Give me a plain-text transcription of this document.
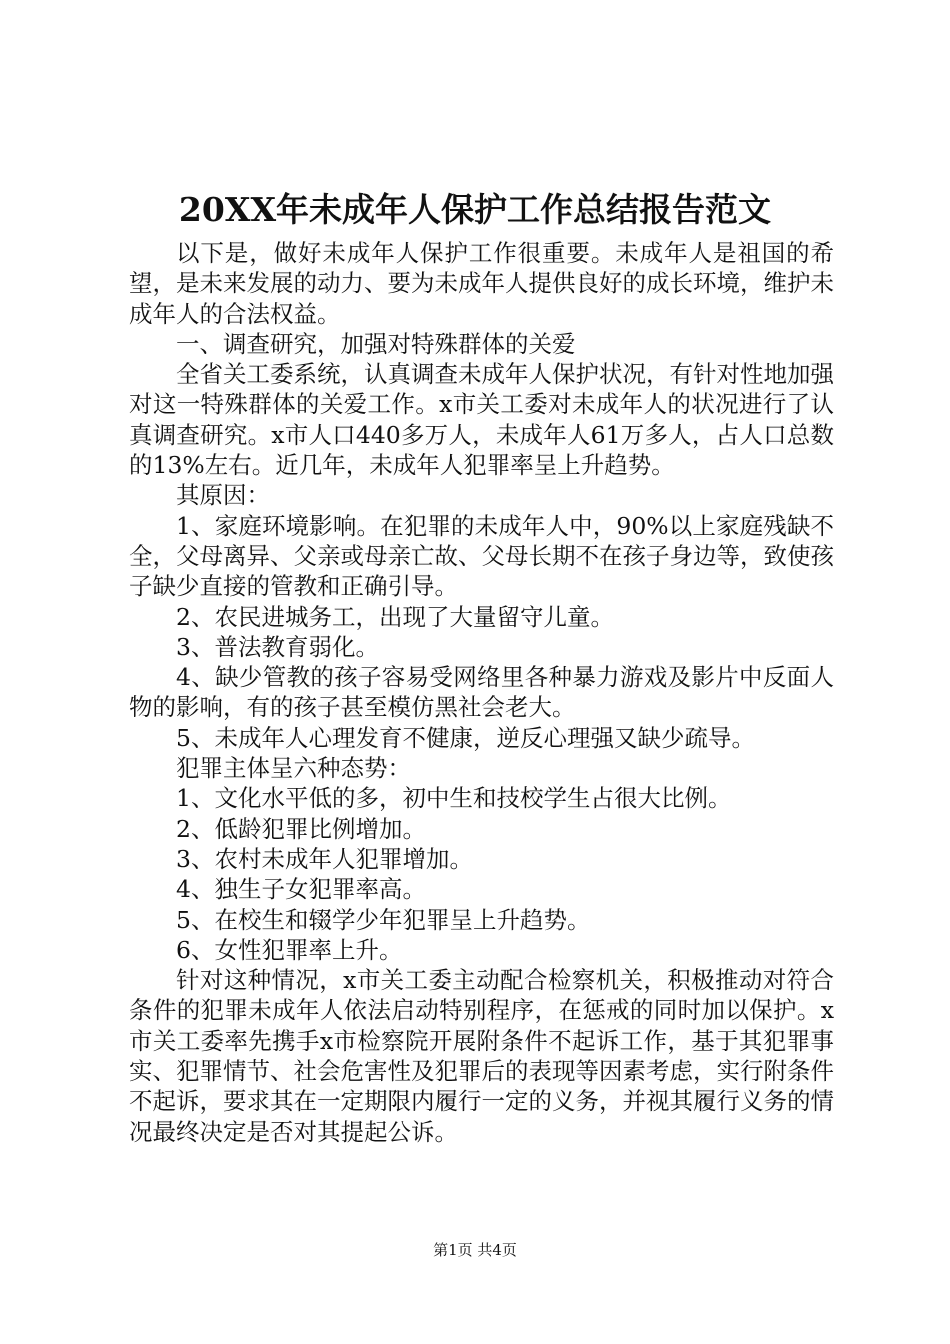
20XX年未成年人保护工作总结报告范文

以下是，做好未成年人保护工作很重要。未成年人是祖国的希望，是未来发展的动力、要为未成年人提供良好的成长环境，维护未成年人的合法权益。

一、调查研究，加强对特殊群体的关爱

全省关工委系统，认真调查未成年人保护状况，有针对性地加强对这一特殊群体的关爱工作。x市关工委对未成年人的状况进行了认真调查研究。x市人口440多万人，未成年人61万多人，占人口总数的13%左右。近几年，未成年人犯罪率呈上升趋势。

其原因：

1、家庭环境影响。在犯罪的未成年人中，90%以上家庭残缺不全，父母离异、父亲或母亲亡故、父母长期不在孩子身边等，致使孩子缺少直接的管教和正确引导。

2、农民进城务工，出现了大量留守儿童。

3、普法教育弱化。

4、缺少管教的孩子容易受网络里各种暴力游戏及影片中反面人物的影响，有的孩子甚至模仿黑社会老大。

5、未成年人心理发育不健康，逆反心理强又缺少疏导。

犯罪主体呈六种态势：

1、文化水平低的多，初中生和技校学生占很大比例。

2、低龄犯罪比例增加。

3、农村未成年人犯罪增加。

4、独生子女犯罪率高。

5、在校生和辍学少年犯罪呈上升趋势。

6、女性犯罪率上升。

针对这种情况，x市关工委主动配合检察机关，积极推动对符合条件的犯罪未成年人依法启动特别程序，在惩戒的同时加以保护。x市关工委率先携手x市检察院开展附条件不起诉工作，基于其犯罪事实、犯罪情节、社会危害性及犯罪后的表现等因素考虑，实行附条件不起诉，要求其在一定期限内履行一定的义务，并视其履行义务的情况最终决定是否对其提起公诉。

第1页 共4页
